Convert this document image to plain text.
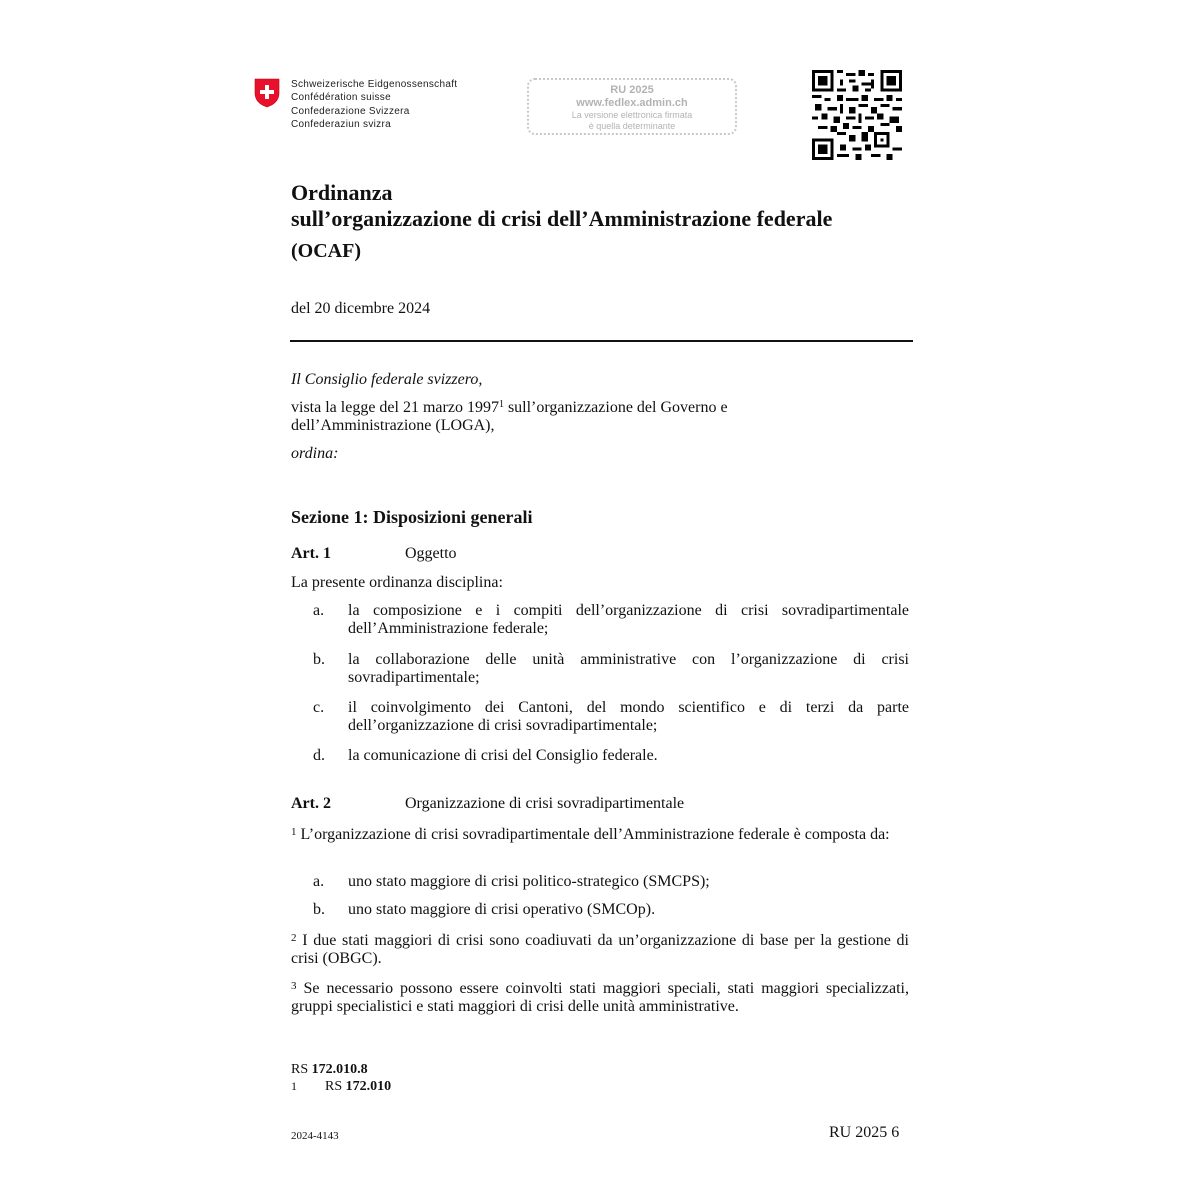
Schweizerische Eidgenossenschaft
Confédération suisse
Confederazione Svizzera
Confederaziun svizra
RU 2025
www.fedlex.admin.ch
La versione elettronica firmata
è quella determinante
Ordinanza
sull’organizzazione di crisi dell’Amministrazione federale
(OCAF)
del 20 dicembre 2024
Il Consiglio federale svizzero,
vista la legge del 21 marzo 1997$^1$ sull’organizzazione del Governo e
dell’Amministrazione (LOGA),
ordina:
Sezione 1: Disposizioni generali
Art. 1	Oggetto
La presente ordinanza disciplina:
a. la composizione e i compiti dell’organizzazione di crisi sovradipartimentale dell’Amministrazione federale;
b. la collaborazione delle unità amministrative con l’organizzazione di crisi sovradipartimentale;
c. il coinvolgimento dei Cantoni, del mondo scientifico e di terzi da parte dell’organizzazione di crisi sovradipartimentale;
d. la comunicazione di crisi del Consiglio federale.
Art. 2	Organizzazione di crisi sovradipartimentale
$^1$ L’organizzazione di crisi sovradipartimentale dell’Amministrazione federale è composta da:
a. uno stato maggiore di crisi politico-strategico (SMCPS);
b. uno stato maggiore di crisi operativo (SMCOp).
$^2$ I due stati maggiori di crisi sono coadiuvati da un’organizzazione di base per la gestione di crisi (OBGC).
$^3$ Se necessario possono essere coinvolti stati maggiori speciali, stati maggiori specializzati, gruppi specialistici e stati maggiori di crisi delle unità amministrative.
RS 172.010.8
1 RS 172.010
2024-4143	RU 2025 6
